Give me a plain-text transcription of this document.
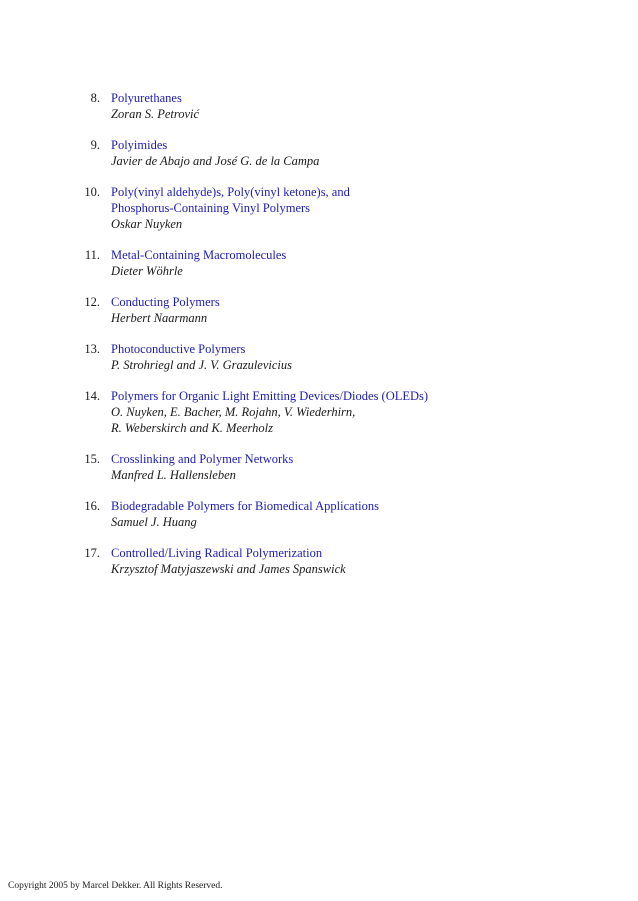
8. Polyurethanes
Zoran S. Petrović
9. Polyimides
Javier de Abajo and José G. de la Campa
10. Poly(vinyl aldehyde)s, Poly(vinyl ketone)s, and
Phosphorus-Containing Vinyl Polymers
Oskar Nuyken
11. Metal-Containing Macromolecules
Dieter Wöhrle
12. Conducting Polymers
Herbert Naarmann
13. Photoconductive Polymers
P. Strohriegl and J. V. Grazulevicius
14. Polymers for Organic Light Emitting Devices/Diodes (OLEDs)
O. Nuyken, E. Bacher, M. Rojahn, V. Wiederhirn,
R. Weberskirch and K. Meerholz
15. Crosslinking and Polymer Networks
Manfred L. Hallensleben
16. Biodegradable Polymers for Biomedical Applications
Samuel J. Huang
17. Controlled/Living Radical Polymerization
Krzysztof Matyjaszewski and James Spanswick
Copyright 2005 by Marcel Dekker. All Rights Reserved.
